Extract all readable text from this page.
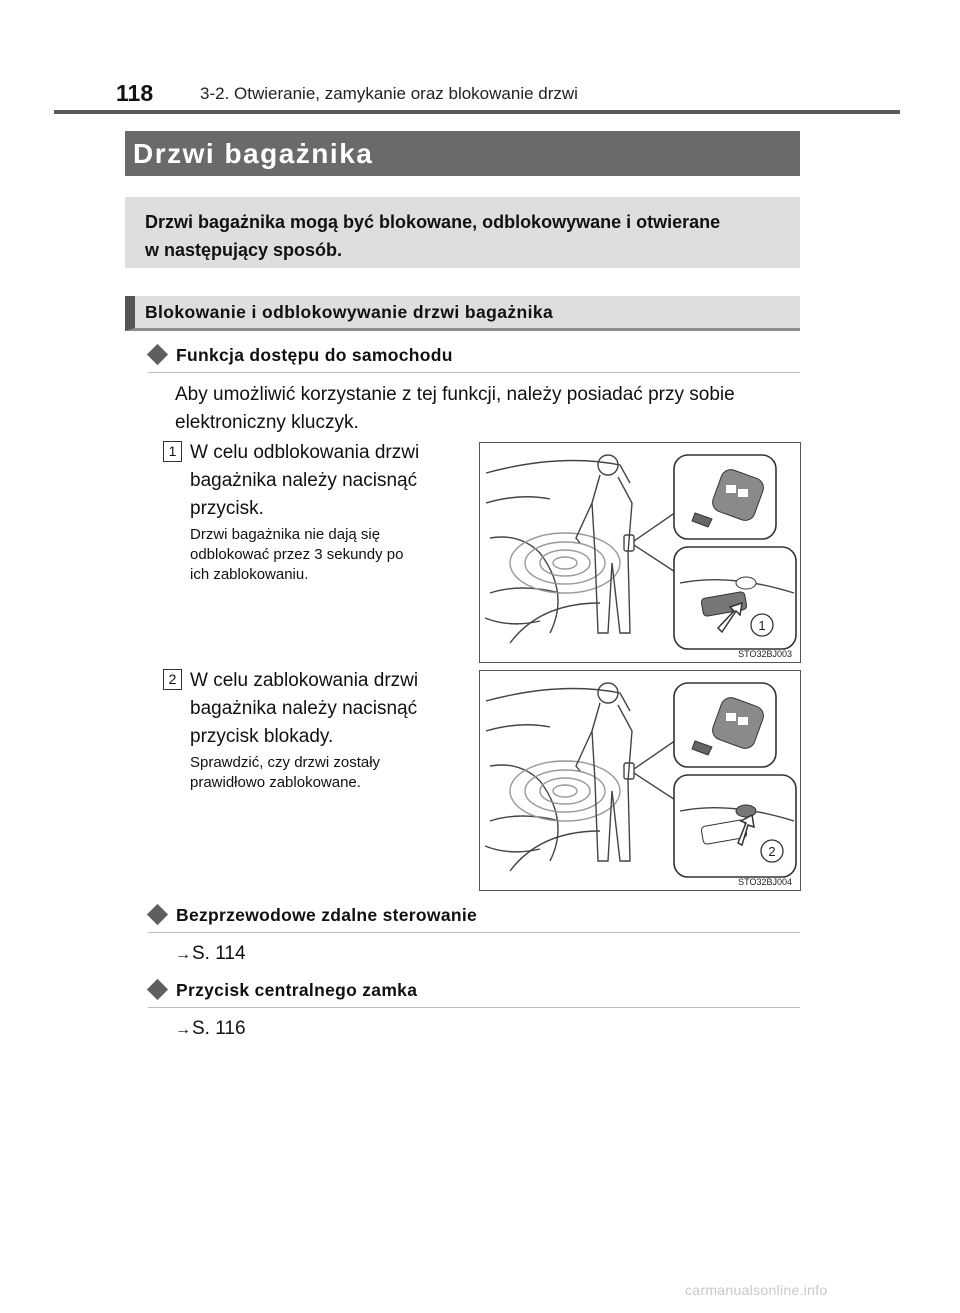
118	3-2. Otwieranie, zamykanie oraz blokowanie drzwi
Drzwi bagażnika
Drzwi bagażnika mogą być blokowane, odblokowywane i otwierane
w następujący sposób.
Blokowanie i odblokowywanie drzwi bagażnika
Funkcja dostępu do samochodu
Aby umożliwić korzystanie z tej funkcji, należy posiadać przy sobie
elektroniczny kluczyk.
1 W celu odblokowania drzwi
bagażnika należy nacisnąć
przycisk.
Drzwi bagażnika nie dają się
odblokować przez 3 sekundy po
ich zablokowaniu.
1
STO32BJ003
2 W celu zablokowania drzwi
bagażnika należy nacisnąć
przycisk blokady.
Sprawdzić, czy drzwi zostały
prawidłowo zablokowane.
2
STO32BJ004
Bezprzewodowe zdalne sterowanie
→S. 114
Przycisk centralnego zamka
→S. 116
carmanualsonline.info
